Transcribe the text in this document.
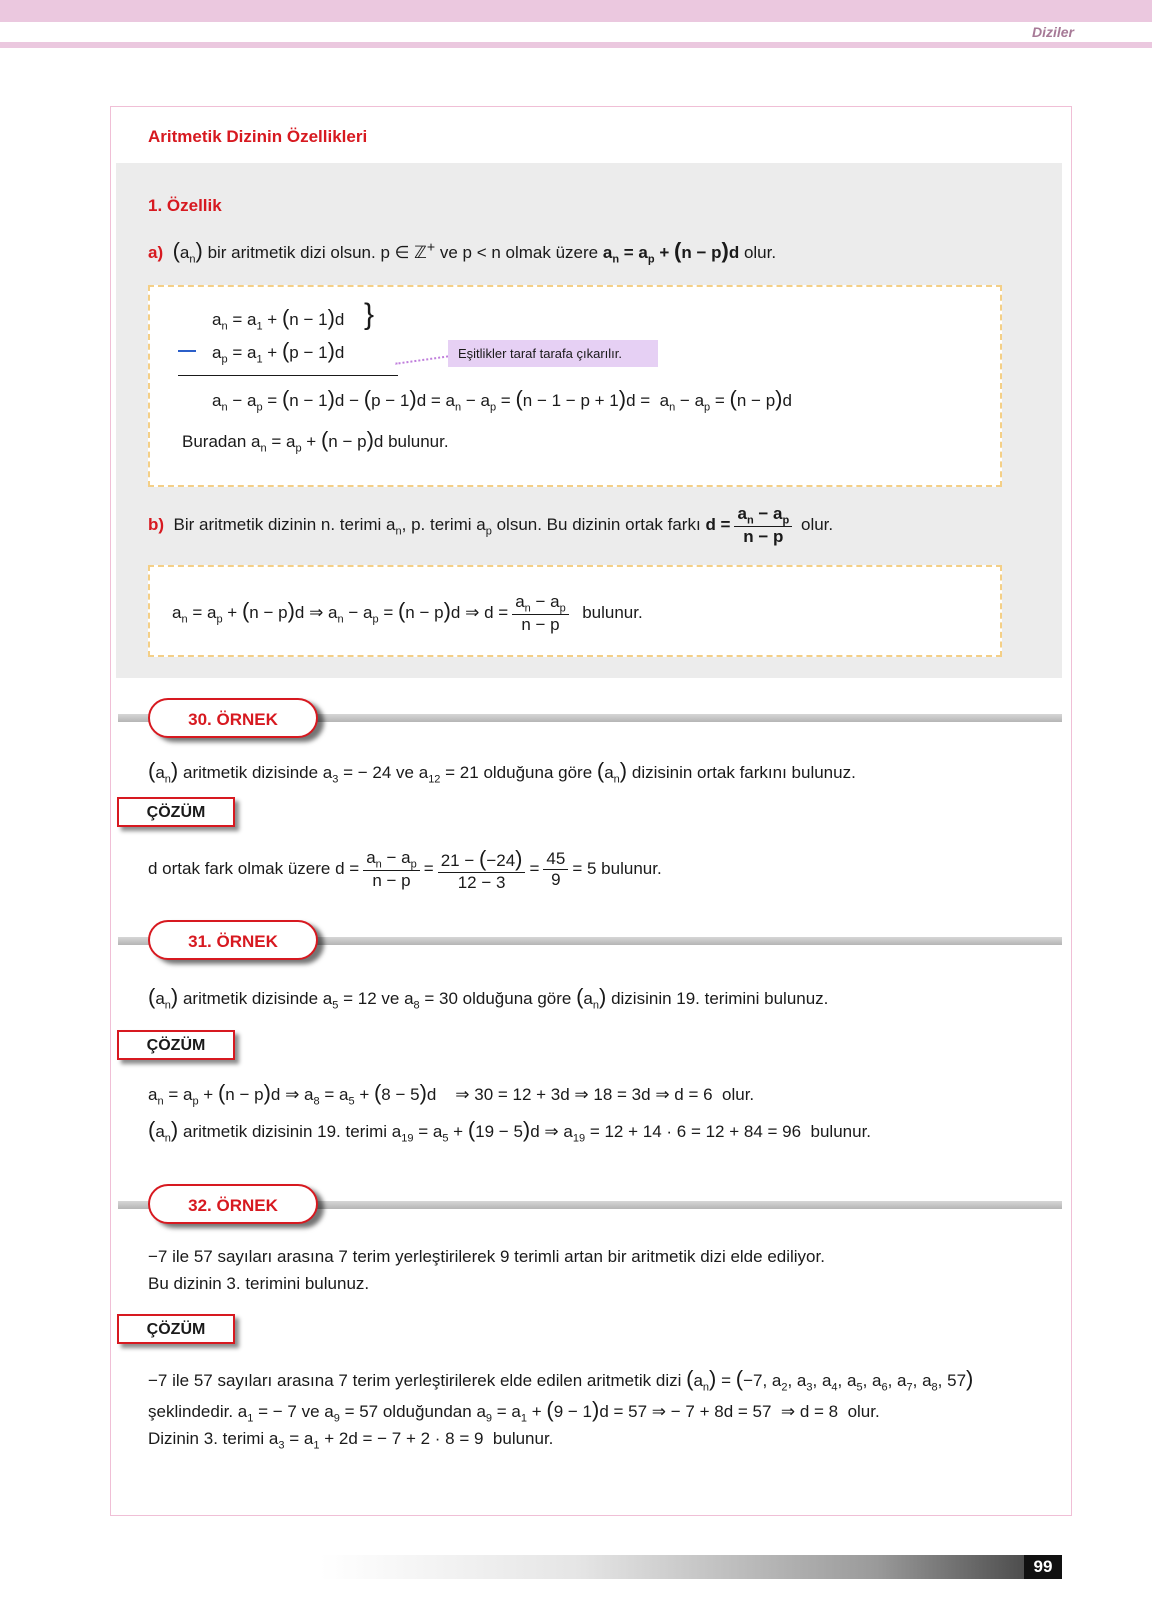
Diziler
Aritmetik Dizinin Özellikleri
1. Özellik
a) $(a_n)$ bir aritmetik dizi olsun. p ∈ ℤ+ ve p < n olmak üzere $a_n = a_p + (n - p)d$ olur.
$a_n = a_1 + (n - 1)d$
$a_p = a_1 + (p - 1)d$
}
Eşitlikler taraf tarafa çıkarılır.
$a_n - a_p = (n - 1)d - (p - 1)d = a_n - a_p = (n - 1 - p + 1)d = a_n - a_p = (n - p)d$
Buradan $a_n = a_p + (n - p)d$ bulunur.
b) Bir aritmetik dizinin n. terimi $a_n$, p. terimi $a_p$ olsun. Bu dizinin ortak farkı $d = \frac{a_n - a_p}{n - p}$ olur.
$a_n = a_p + (n - p)d$ ⇒ $a_n - a_p = (n - p)d$ ⇒ $d = \frac{a_n - a_p}{n - p}$ bulunur.
30. ÖRNEK
$(a_n)$ aritmetik dizisinde $a_3$ = − 24 ve $a_{12} = 21$ olduğuna göre $(a_n)$ dizisinin ortak farkını bulunuz.
ÇÖZÜM
d ortak fark olmak üzere $d = \frac{a_n - a_p}{n - p} = \frac{21 - (-24)}{12 - 3} = \frac{45}{9} = 5$ bulunur.
31. ÖRNEK
$(a_n)$ aritmetik dizisinde $a_5 = 12$ ve $a_8 = 30$ olduğuna göre $(a_n)$ dizisinin 19. terimini bulunuz.
ÇÖZÜM
$a_n = a_p + (n - p)d$ ⇒ $a_8 = a_5 + (8 - 5)d$    ⇒ 30 = 12 + 3d ⇒ 18 = 3d ⇒ d = 6  olur.
$(a_n)$ aritmetik dizisinin 19. terimi $a_{19} = a_5 + (19 - 5)d$ ⇒ $a_{19} = 12 + 14 \cdot 6 = 12 + 84 = 96$  bulunur.
32. ÖRNEK
−7 ile 57 sayıları arasına 7 terim yerleştirilerek 9 terimli artan bir aritmetik dizi elde ediliyor.
Bu dizinin 3. terimini bulunuz.
ÇÖZÜM
−7 ile 57 sayıları arasına 7 terim yerleştirilerek elde edilen aritmetik dizi $(a_n) = (-7$, $a_2$, $a_3$, $a_4$, $a_5$, $a_6$, $a_7$, $a_8$, 57)
şeklindedir. $a_1$ = − 7 ve $a_9 = 57$ olduğundan $a_9 = a_1 + (9 - 1)d = 57$ ⇒ − 7 + 8d = 57  ⇒ d = 8  olur.
Dizinin 3. terimi $a_3 = a_1 + 2d$ = − 7 + 2 · 8 = 9  bulunur.
99
